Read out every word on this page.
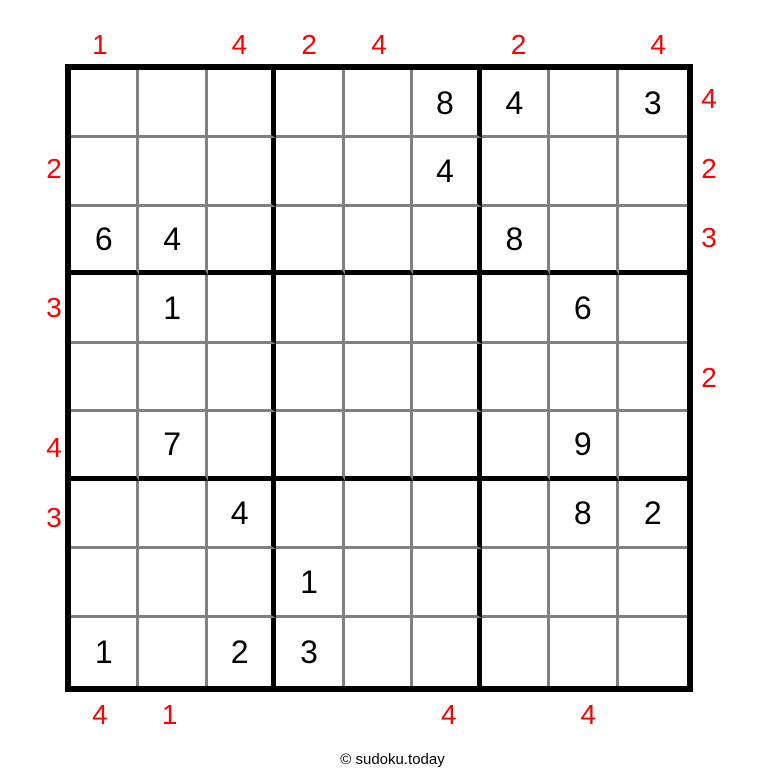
1	4	2	4	2	4
2
3
4
3
4
2
3
2
4	1	4	4
8	4	3
4
6	4	8
1	6
7	9
4	8	2
1
1	2	3
© sudoku.today
